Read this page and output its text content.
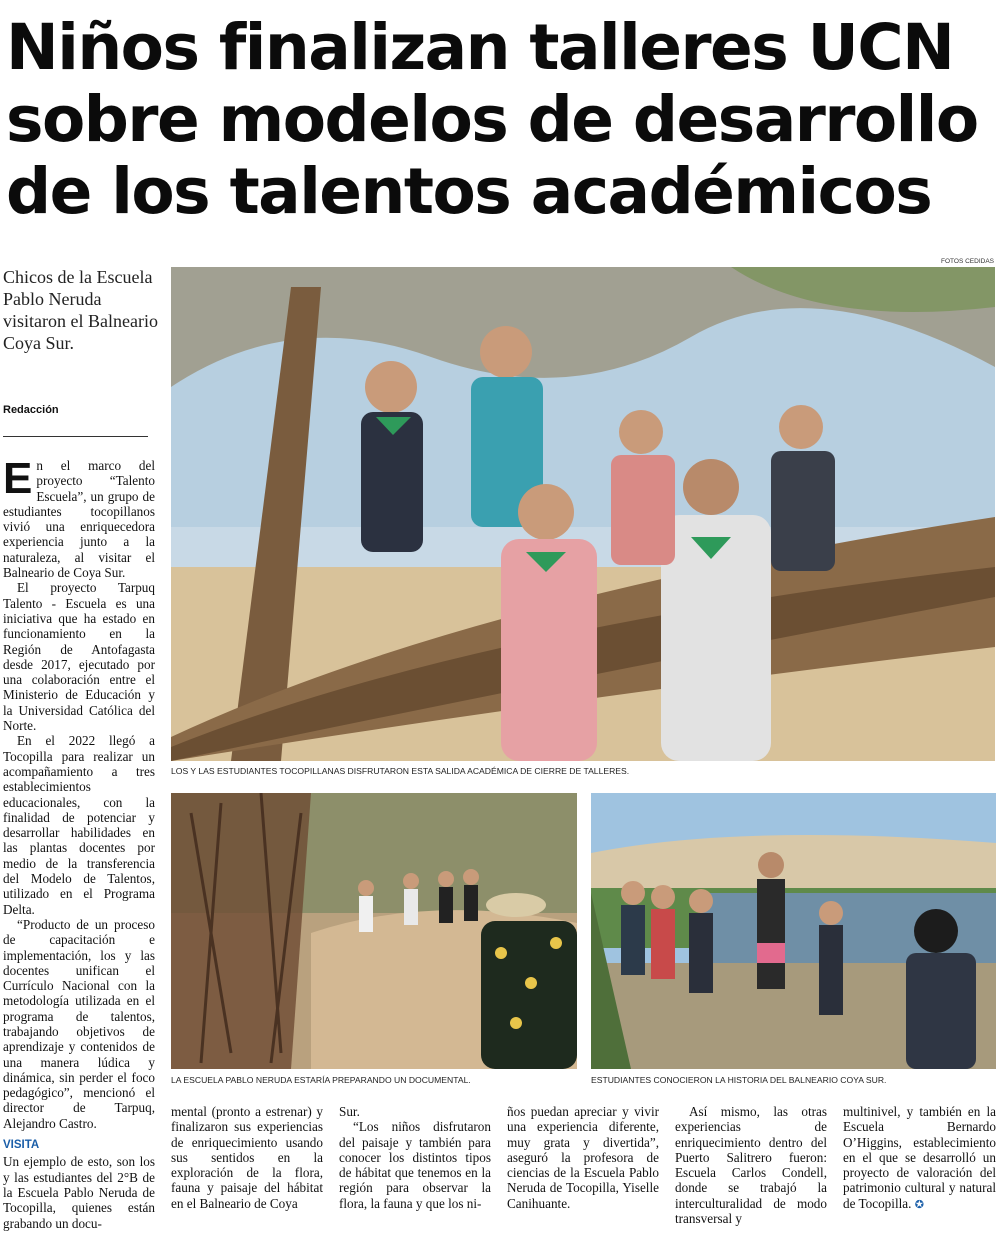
Niños finalizan talleres UCN sobre modelos de desarrollo de los talentos académicos
Chicos de la Escuela Pablo Neruda visitaron el Balneario Coya Sur.
Redacción
FOTOS CEDIDAS

En el marco del proyecto “Talento Escuela”, un grupo de estudiantes tocopillanos vivió una enriquecedora experiencia junto a la naturaleza, al visitar el Balneario de Coya Sur.

El proyecto Tarpuq Talento - Escuela es una iniciativa que ha estado en funcionamiento en la Región de Antofagasta desde 2017, ejecutado por una colaboración entre el Ministerio de Educación y la Universidad Católica del Norte.

En el 2022 llegó a Tocopilla para realizar un acompañamiento a tres establecimientos educacionales, con la finalidad de potenciar y desarrollar habilidades en las plantas docentes por medio de la transferencia del Modelo de Talentos, utilizado en el Programa Delta.

“Producto de un proceso de capacitación e implementación, los y las docentes unifican el Currículo Nacional con la metodología utilizada en el programa de talentos, trabajando objetivos de aprendizaje y contenidos de una manera lúdica y dinámica, sin perder el foco pedagógico”, mencionó el director de Tarpuq, Alejandro Castro.

VISITA

Un ejemplo de esto, son los y las estudiantes del 2°B de la Escuela Pablo Neruda de Tocopilla, quienes están grabando un docu-

mental (pronto a estrenar) y finalizaron sus experiencias de enriquecimiento usando sus sentidos en la exploración de la flora, fauna y paisaje del hábitat en el Balneario de Coya

Sur.

“Los niños disfrutaron del paisaje y también para conocer los distintos tipos de hábitat que tenemos en la región para observar la flora, la fauna y que los ni-

ños puedan apreciar y vivir una experiencia diferente, muy grata y divertida”, aseguró la profesora de ciencias de la Escuela Pablo Neruda de Tocopilla, Yiselle Canihuante.

Así mismo, las otras experiencias de enriquecimiento dentro del Puerto Salitrero fueron: Escuela Carlos Condell, donde se trabajó la interculturalidad de modo transversal y

multinivel, y también en la Escuela Bernardo O’Higgins, establecimiento en el que se desarrolló un proyecto de valoración del patrimonio cultural y natural de Tocopilla. ✪

LOS Y LAS ESTUDIANTES TOCOPILLANAS DISFRUTARON ESTA SALIDA ACADÉMICA DE CIERRE DE TALLERES.
LA ESCUELA PABLO NERUDA ESTARÍA PREPARANDO UN DOCUMENTAL.	ESTUDIANTES CONOCIERON LA HISTORIA DEL BALNEARIO COYA SUR.
